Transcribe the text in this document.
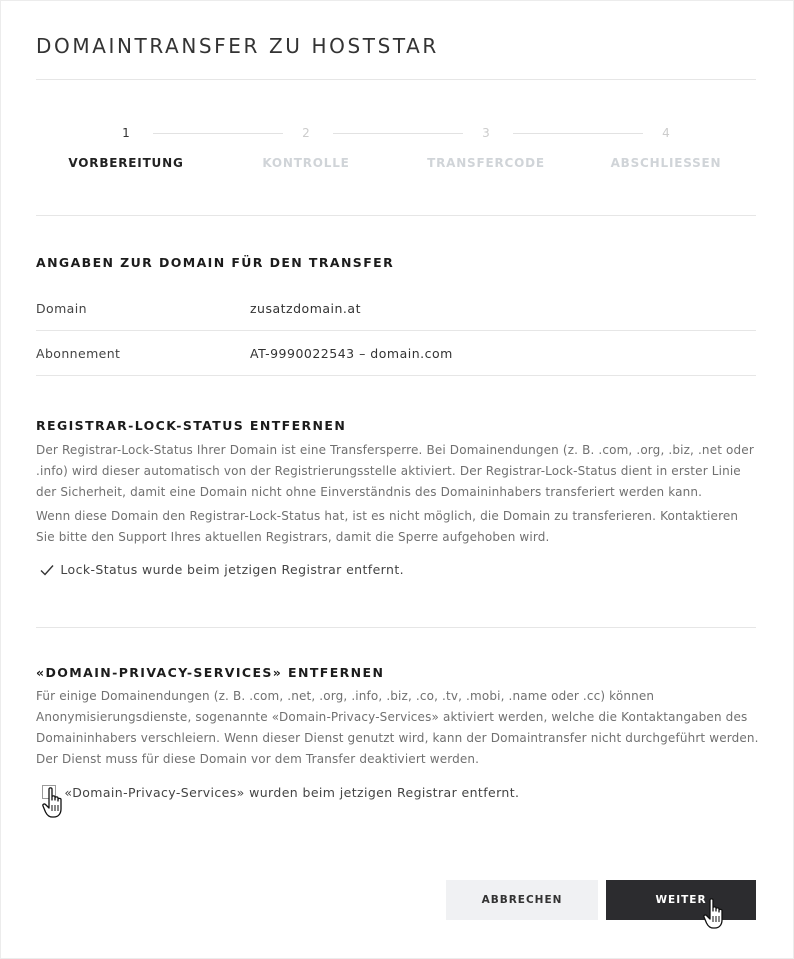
DOMAINTRANSFER ZU HOSTSTAR
1	2	3	4
VORBEREITUNG	KONTROLLE	TRANSFERCODE	ABSCHLIESSEN
ANGABEN ZUR DOMAIN FÜR DEN TRANSFER
Domain	zusatzdomain.at
Abonnement	AT-9990022543 – domain.com
REGISTRAR-LOCK-STATUS ENTFERNEN

Der Registrar-Lock-Status Ihrer Domain ist eine Transfersperre. Bei Domainendungen (z. B. .com, .org, .biz, .net oder .info) wird dieser automatisch von der Registrierungsstelle aktiviert. Der Registrar-Lock-Status dient in erster Linie der Sicherheit, damit eine Domain nicht ohne Einverständnis des Domaininhabers transferiert werden kann.

Wenn diese Domain den Registrar-Lock-Status hat, ist es nicht möglich, die Domain zu transferieren. Kontaktieren Sie bitte den Support Ihres aktuellen Registrars, damit die Sperre aufgehoben wird.

Lock-Status wurde beim jetzigen Registrar entfernt.
«DOMAIN-PRIVACY-SERVICES» ENTFERNEN

Für einige Domainendungen (z. B. .com, .net, .org, .info, .biz, .co, .tv, .mobi, .name oder .cc) können Anonymisierungsdienste, sogenannte «Domain-Privacy-Services» aktiviert werden, welche die Kontaktangaben des Domaininhabers verschleiern. Wenn dieser Dienst genutzt wird, kann der Domaintransfer nicht durchgeführt werden. Der Dienst muss für diese Domain vor dem Transfer deaktiviert werden.

«Domain-Privacy-Services» wurden beim jetzigen Registrar entfernt.
ABBRECHEN	WEITER
